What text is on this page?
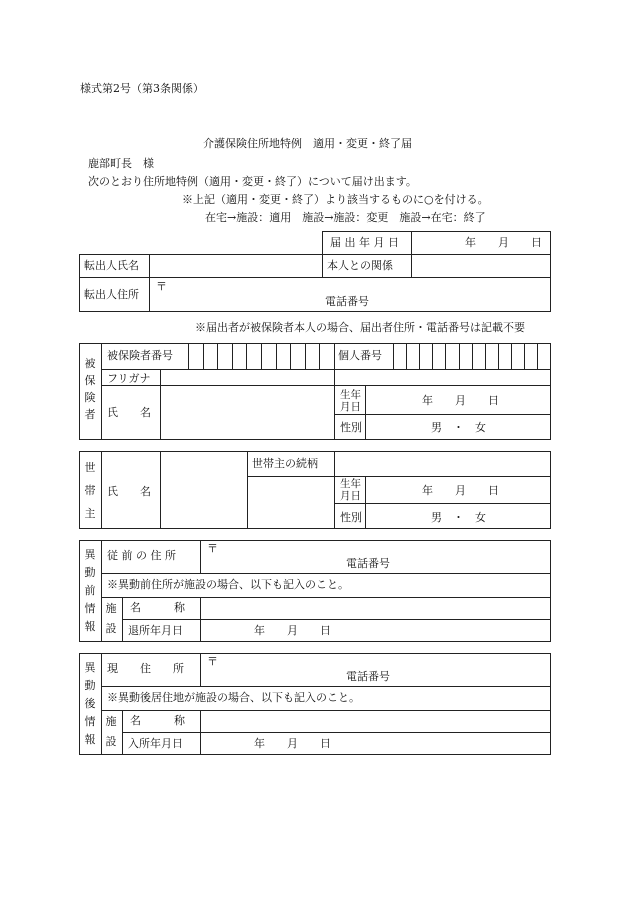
様式第2号（第3条関係）
介護保険住所地特例　適用・変更・終了届
鹿部町長　様
次のとおり住所地特例（適用・変更・終了）について届け出ます。
※上記（適用・変更・終了）より該当するものに○を付ける。
在宅→施設：適用　施設→施設：変更　施設→在宅：終了
届 出 年 月 日	年　　月　　日
転出人氏名	本人との関係
転出人住所
〒
電話番号
※届出者が被保険者本人の場合、届出者住所・電話番号は記載不要
被
保
険
者
被保険者番号	個人番号
フリガナ
氏　　名
生年
月日	年　　月　　日
性別	男　・　女
世
帯
主
氏　　名
世帯主の続柄
生年
月日	年　　月　　日
性別	男　・　女
異
動
前
情
報
従 前 の 住 所
〒
電話番号
※異動前住所が施設の場合、以下も記入のこと。
施
設
名　　　称
退所年月日	年　　月　　日
異
動
後
情
報
現　　住　　所
〒
電話番号
※異動後居住地が施設の場合、以下も記入のこと。
施
設
名　　　称
入所年月日	年　　月　　日
